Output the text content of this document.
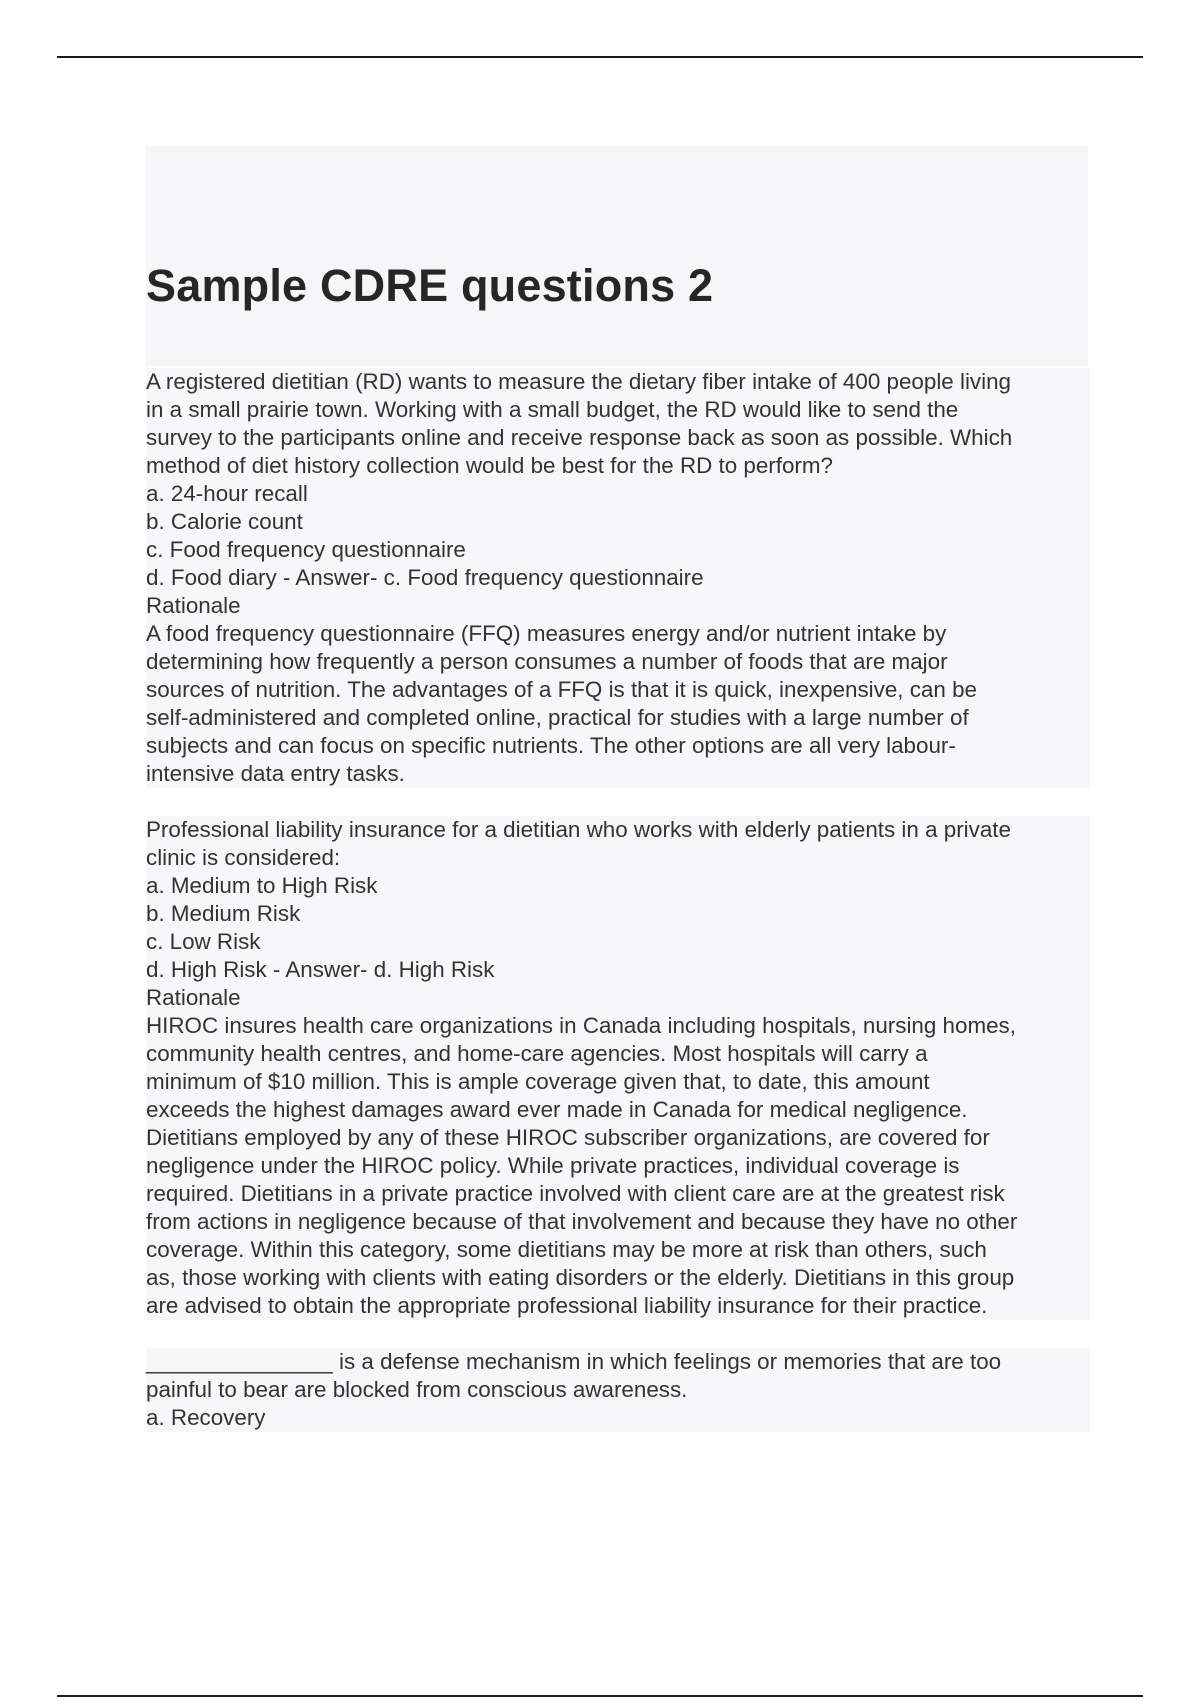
Sample CDRE questions 2
A registered dietitian (RD) wants to measure the dietary fiber intake of 400 people living
in a small prairie town. Working with a small budget, the RD would like to send the
survey to the participants online and receive response back as soon as possible. Which
method of diet history collection would be best for the RD to perform?
a. 24-hour recall
b. Calorie count
c. Food frequency questionnaire
d. Food diary - Answer- c. Food frequency questionnaire
Rationale
A food frequency questionnaire (FFQ) measures energy and/or nutrient intake by
determining how frequently a person consumes a number of foods that are major
sources of nutrition. The advantages of a FFQ is that it is quick, inexpensive, can be
self-administered and completed online, practical for studies with a large number of
subjects and can focus on specific nutrients. The other options are all very labour-
intensive data entry tasks.
Professional liability insurance for a dietitian who works with elderly patients in a private
clinic is considered:
a. Medium to High Risk
b. Medium Risk
c. Low Risk
d. High Risk - Answer- d. High Risk
Rationale
HIROC insures health care organizations in Canada including hospitals, nursing homes,
community health centres, and home-care agencies. Most hospitals will carry a
minimum of $10 million. This is ample coverage given that, to date, this amount
exceeds the highest damages award ever made in Canada for medical negligence.
Dietitians employed by any of these HIROC subscriber organizations, are covered for
negligence under the HIROC policy. While private practices, individual coverage is
required. Dietitians in a private practice involved with client care are at the greatest risk
from actions in negligence because of that involvement and because they have no other
coverage. Within this category, some dietitians may be more at risk than others, such
as, those working with clients with eating disorders or the elderly. Dietitians in this group
are advised to obtain the appropriate professional liability insurance for their practice.
_______________ is a defense mechanism in which feelings or memories that are too
painful to bear are blocked from conscious awareness.
a. Recovery
